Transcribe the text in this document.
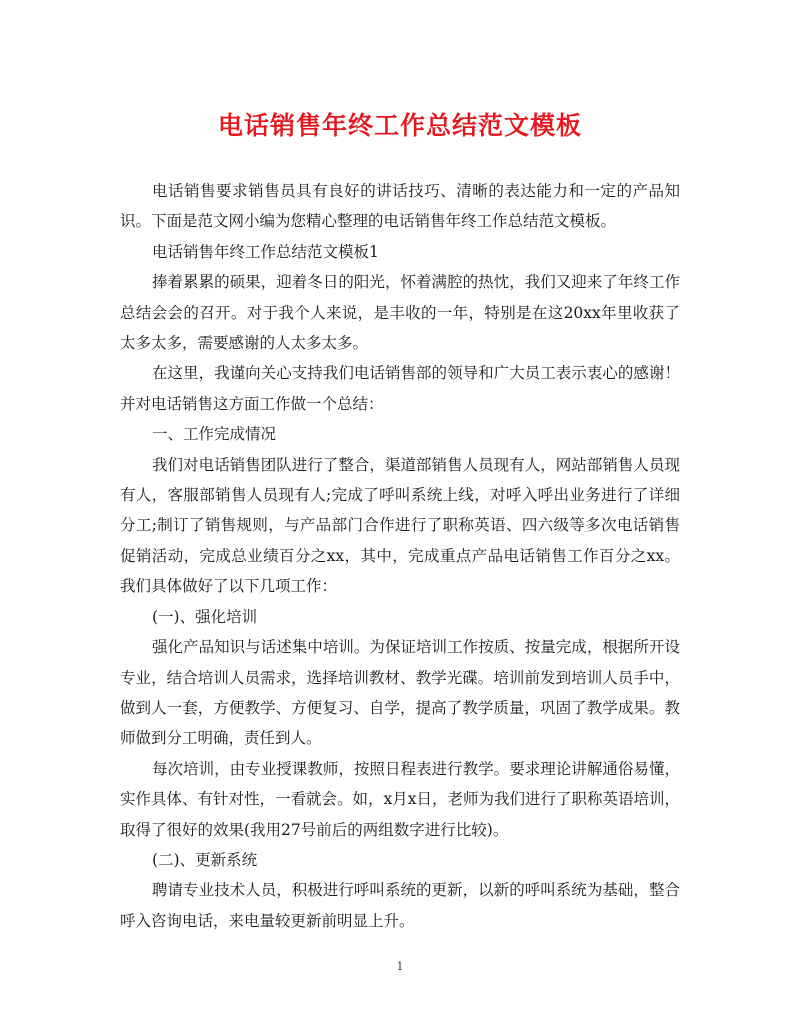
电话销售年终工作总结范文模板

电话销售要求销售员具有良好的讲话技巧、清晰的表达能力和一定的产品知识。下面是范文网小编为您精心整理的电话销售年终工作总结范文模板。

电话销售年终工作总结范文模板1

捧着累累的硕果，迎着冬日的阳光，怀着满腔的热忱，我们又迎来了年终工作总结会会的召开。对于我个人来说，是丰收的一年，特别是在这20xx年里收获了太多太多，需要感谢的人太多太多。

在这里，我谨向关心支持我们电话销售部的领导和广大员工表示衷心的感谢！并对电话销售这方面工作做一个总结：

一、工作完成情况

我们对电话销售团队进行了整合，渠道部销售人员现有人，网站部销售人员现有人，客服部销售人员现有人;完成了呼叫系统上线，对呼入呼出业务进行了详细分工;制订了销售规则，与产品部门合作进行了职称英语、四六级等多次电话销售促销活动，完成总业绩百分之xx，其中，完成重点产品电话销售工作百分之xx。我们具体做好了以下几项工作：

(一)、强化培训

强化产品知识与话述集中培训。为保证培训工作按质、按量完成，根据所开设专业，结合培训人员需求，选择培训教材、教学光碟。培训前发到培训人员手中，做到人一套，方便教学、方便复习、自学，提高了教学质量，巩固了教学成果。教师做到分工明确，责任到人。

每次培训，由专业授课教师，按照日程表进行教学。要求理论讲解通俗易懂，实作具体、有针对性，一看就会。如，x月x日，老师为我们进行了职称英语培训，取得了很好的效果(我用27号前后的两组数字进行比较)。

(二)、更新系统

聘请专业技术人员，积极进行呼叫系统的更新，以新的呼叫系统为基础，整合呼入咨询电话，来电量较更新前明显上升。

1
